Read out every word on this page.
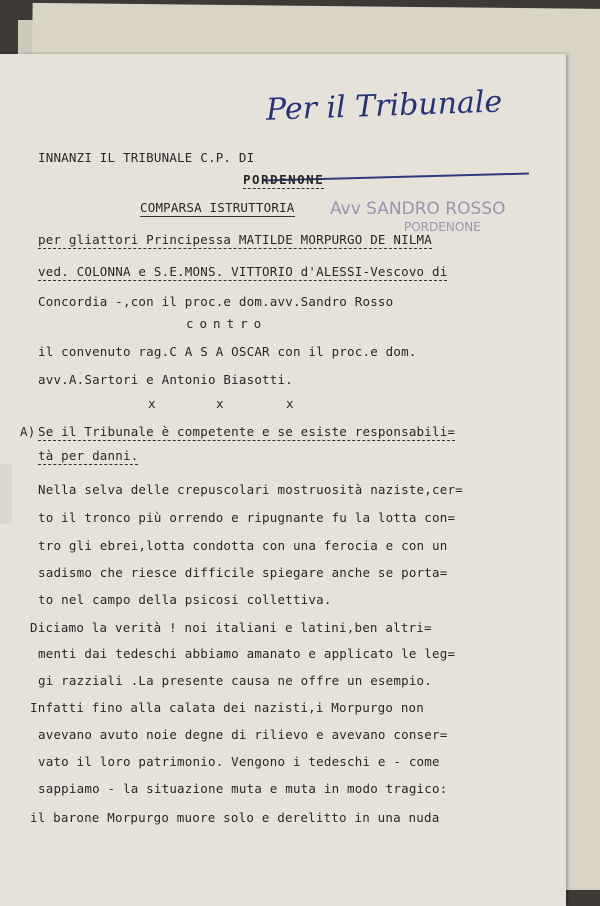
Per il Tribunale
Avv SANDRO ROSSO
PORDENONE
INNANZI IL TRIBUNALE C.P. DI
PORDENONE
COMPARSA ISTRUTTORIA
per gliattori Principessa MATILDE MORPURGO DE NILMA
ved. COLONNA e S.E.MONS. VITTORIO d'ALESSI-Vescovo di
Concordia -,con il proc.e dom.avv.Sandro Rosso
contro
il convenuto rag.C A S A OSCAR con il proc.e dom.
avv.A.Sartori e Antonio Biasotti.
x	x	x
A) Se il Tribunale è competente e se esiste responsabili=
tà per danni.
Nella selva delle crepuscolari mostruosità naziste,cer=
to il tronco più orrendo e ripugnante fu la lotta con=
tro gli ebrei,lotta condotta con una ferocia e con un
sadismo che riesce difficile spiegare anche se porta=
to nel campo della psicosi collettiva.
Diciamo la verità ! noi italiani e latini,ben altri=
menti dai tedeschi abbiamo amanato e applicato le leg=
gi razziali .La presente causa ne offre un esempio.
Infatti fino alla calata dei nazisti,i Morpurgo non
avevano avuto noie degne di rilievo e avevano conser=
vato il loro patrimonio. Vengono i tedeschi e - come
sappiamo - la situazione muta e muta in modo tragico:
il barone Morpurgo muore solo e derelitto in una nuda
